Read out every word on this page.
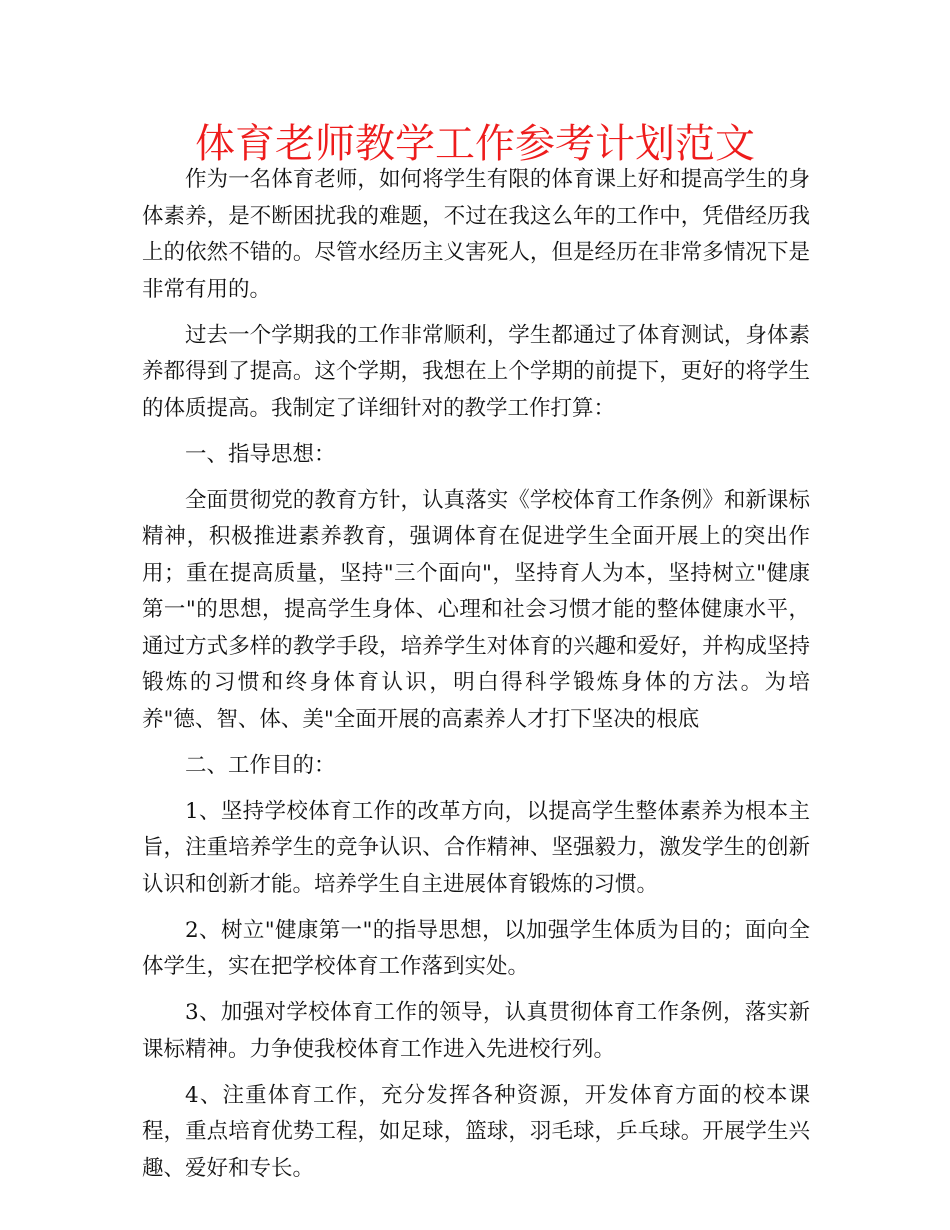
体育老师教学工作参考计划范文

作为一名体育老师，如何将学生有限的体育课上好和提高学生的身体素养，是不断困扰我的难题，不过在我这么年的工作中，凭借经历我上的依然不错的。尽管水经历主义害死人，但是经历在非常多情况下是非常有用的。

过去一个学期我的工作非常顺利，学生都通过了体育测试，身体素养都得到了提高。这个学期，我想在上个学期的前提下，更好的将学生的体质提高。我制定了详细针对的教学工作打算：

一、指导思想：

全面贯彻党的教育方针，认真落实《学校体育工作条例》和新课标精神，积极推进素养教育，强调体育在促进学生全面开展上的突出作用；重在提高质量，坚持"三个面向"，坚持育人为本，坚持树立"健康第一"的思想，提高学生身体、心理和社会习惯才能的整体健康水平，通过方式多样的教学手段，培养学生对体育的兴趣和爱好，并构成坚持锻炼的习惯和终身体育认识，明白得科学锻炼身体的方法。为培养"德、智、体、美"全面开展的高素养人才打下坚决的根底

二、工作目的：

1、坚持学校体育工作的改革方向，以提高学生整体素养为根本主旨，注重培养学生的竞争认识、合作精神、坚强毅力，激发学生的创新认识和创新才能。培养学生自主进展体育锻炼的习惯。

2、树立"健康第一"的指导思想，以加强学生体质为目的；面向全体学生，实在把学校体育工作落到实处。

3、加强对学校体育工作的领导，认真贯彻体育工作条例，落实新课标精神。力争使我校体育工作进入先进校行列。

4、注重体育工作，充分发挥各种资源，开发体育方面的校本课程，重点培育优势工程，如足球，篮球，羽毛球，乒乓球。开展学生兴趣、爱好和专长。
